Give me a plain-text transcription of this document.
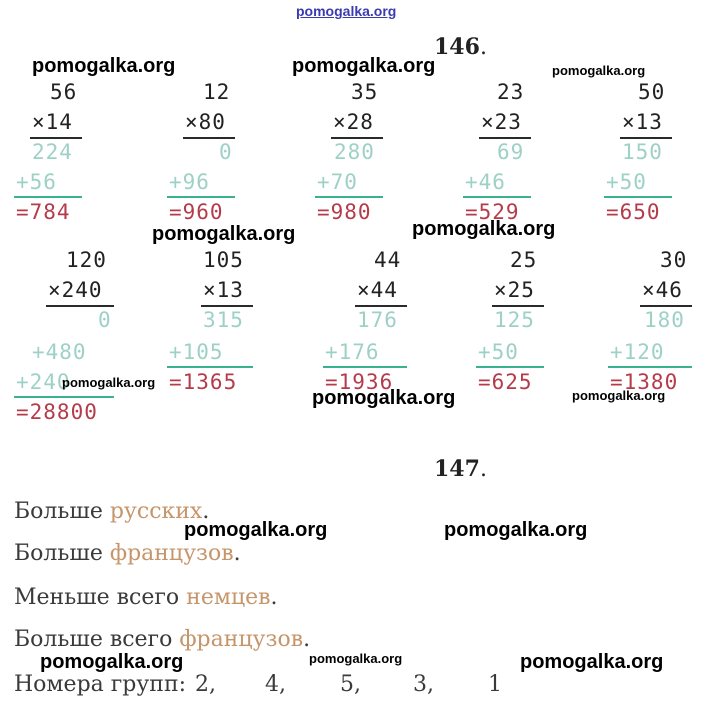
pomogalka.org
146.
56
×14
224
+56
=784
12
×80
0
+96
=960
35
×28
280
+70
=980
23
×23
69
+46
=529
50
×13
150
+50
=650
120
×240
0
+480
+240
=28800
105
×13
315
+105
=1365
44
×44
176
+176
=1936
25
×25
125
+50
=625
30
×46
180
+120
=1380
147.
Больше русских.
Больше французов.
Меньше всего немцев.
Больше всего французов.
Номера групп: 2, 4, 5, 3, 1
pomogalka.org	pomogalka.org	pomogalka.org
pomogalka.org	pomogalka.org
pomogalka.org
pomogalka.org	pomogalka.org
pomogalka.org	pomogalka.org
pomogalka.org	pomogalka.org	pomogalka.org
